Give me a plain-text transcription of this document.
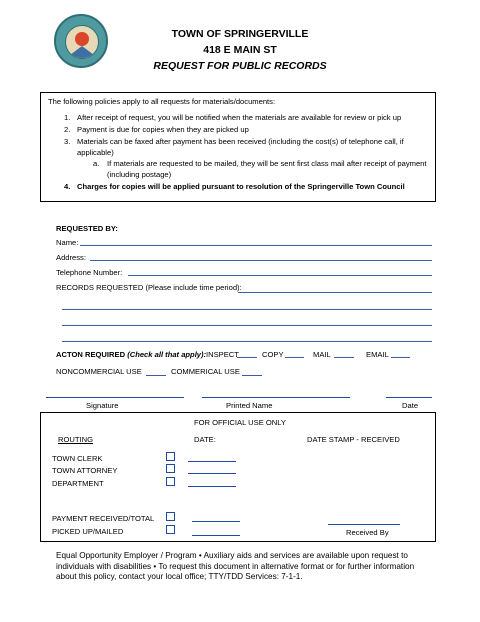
TOWN OF SPRINGERVILLE
418 E MAIN ST
REQUEST FOR PUBLIC RECORDS
The following policies apply to all requests for materials/documents:
1. After receipt of request, you will be notified when the materials are available for review or pick up
2. Payment is due for copies when they are picked up
3. Materials can be faxed after payment has been received (including the cost(s) of telephone call, if applicable)
a. If materials are requested to be mailed, they will be sent first class mail after receipt of payment (including postage)
4. Charges for copies will be applied pursuant to resolution of the Springerville Town Council
REQUESTED BY:
Name:
Address:
Telephone Number:
RECORDS REQUESTED (Please include time period):
ACTON REQUIRED (Check all that apply): INSPECT	COPY	MAIL	EMAIL
NONCOMMERCIAL USE	COMMERICAL USE
Signature	Printed Name	Date
FOR OFFICIAL USE ONLY
ROUTING	DATE:	DATE STAMP - RECEIVED
TOWN CLERK
TOWN ATTORNEY
DEPARTMENT
PAYMENT RECEIVED/TOTAL
PICKED UP/MAILED	Received By
Equal Opportunity Employer / Program • Auxiliary aids and services are available upon request to individuals with disabilities • To request this document in alternative format or for further information about this policy, contact your local office; TTY/TDD Services: 7-1-1.
